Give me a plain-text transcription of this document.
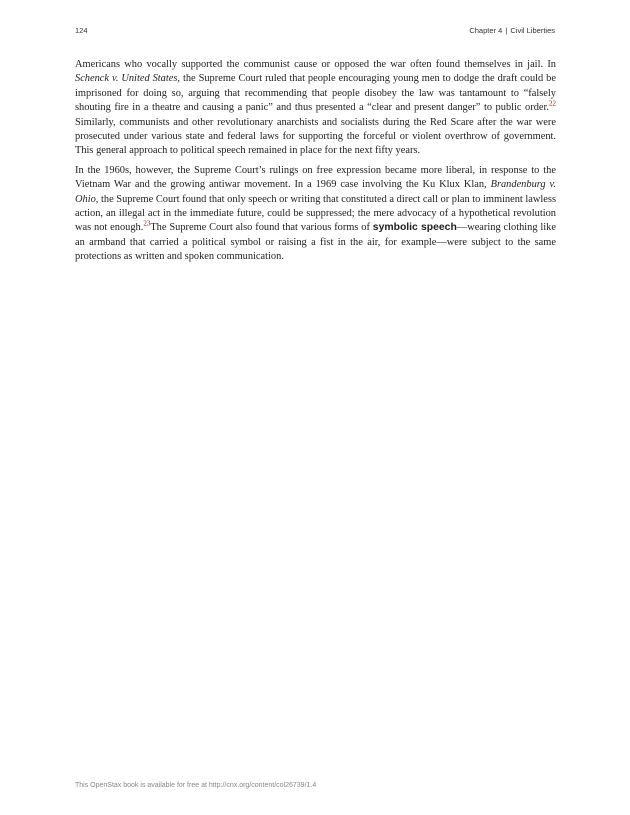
124	Chapter 4 | Civil Liberties

Americans who vocally supported the communist cause or opposed the war often found themselves in jail. In Schenck v. United States, the Supreme Court ruled that people encouraging young men to dodge the draft could be imprisoned for doing so, arguing that recommending that people disobey the law was tantamount to “falsely shouting fire in a theatre and causing a panic” and thus presented a “clear and present danger” to public order.$^{22}$ Similarly, communists and other revolutionary anarchists and socialists during the Red Scare after the war were prosecuted under various state and federal laws for supporting the forceful or violent overthrow of government. This general approach to political speech remained in place for the next fifty years.

In the 1960s, however, the Supreme Court’s rulings on free expression became more liberal, in response to the Vietnam War and the growing antiwar movement. In a 1969 case involving the Ku Klux Klan, Brandenburg v. Ohio, the Supreme Court found that only speech or writing that constituted a direct call or plan to imminent lawless action, an illegal act in the immediate future, could be suppressed; the mere advocacy of a hypothetical revolution was not enough.$^{23}$The Supreme Court also found that various forms of symbolic speech—wearing clothing like an armband that carried a political symbol or raising a fist in the air, for example—were subject to the same protections as written and spoken communication.

This OpenStax book is available for free at http://cnx.org/content/col26739/1.4
